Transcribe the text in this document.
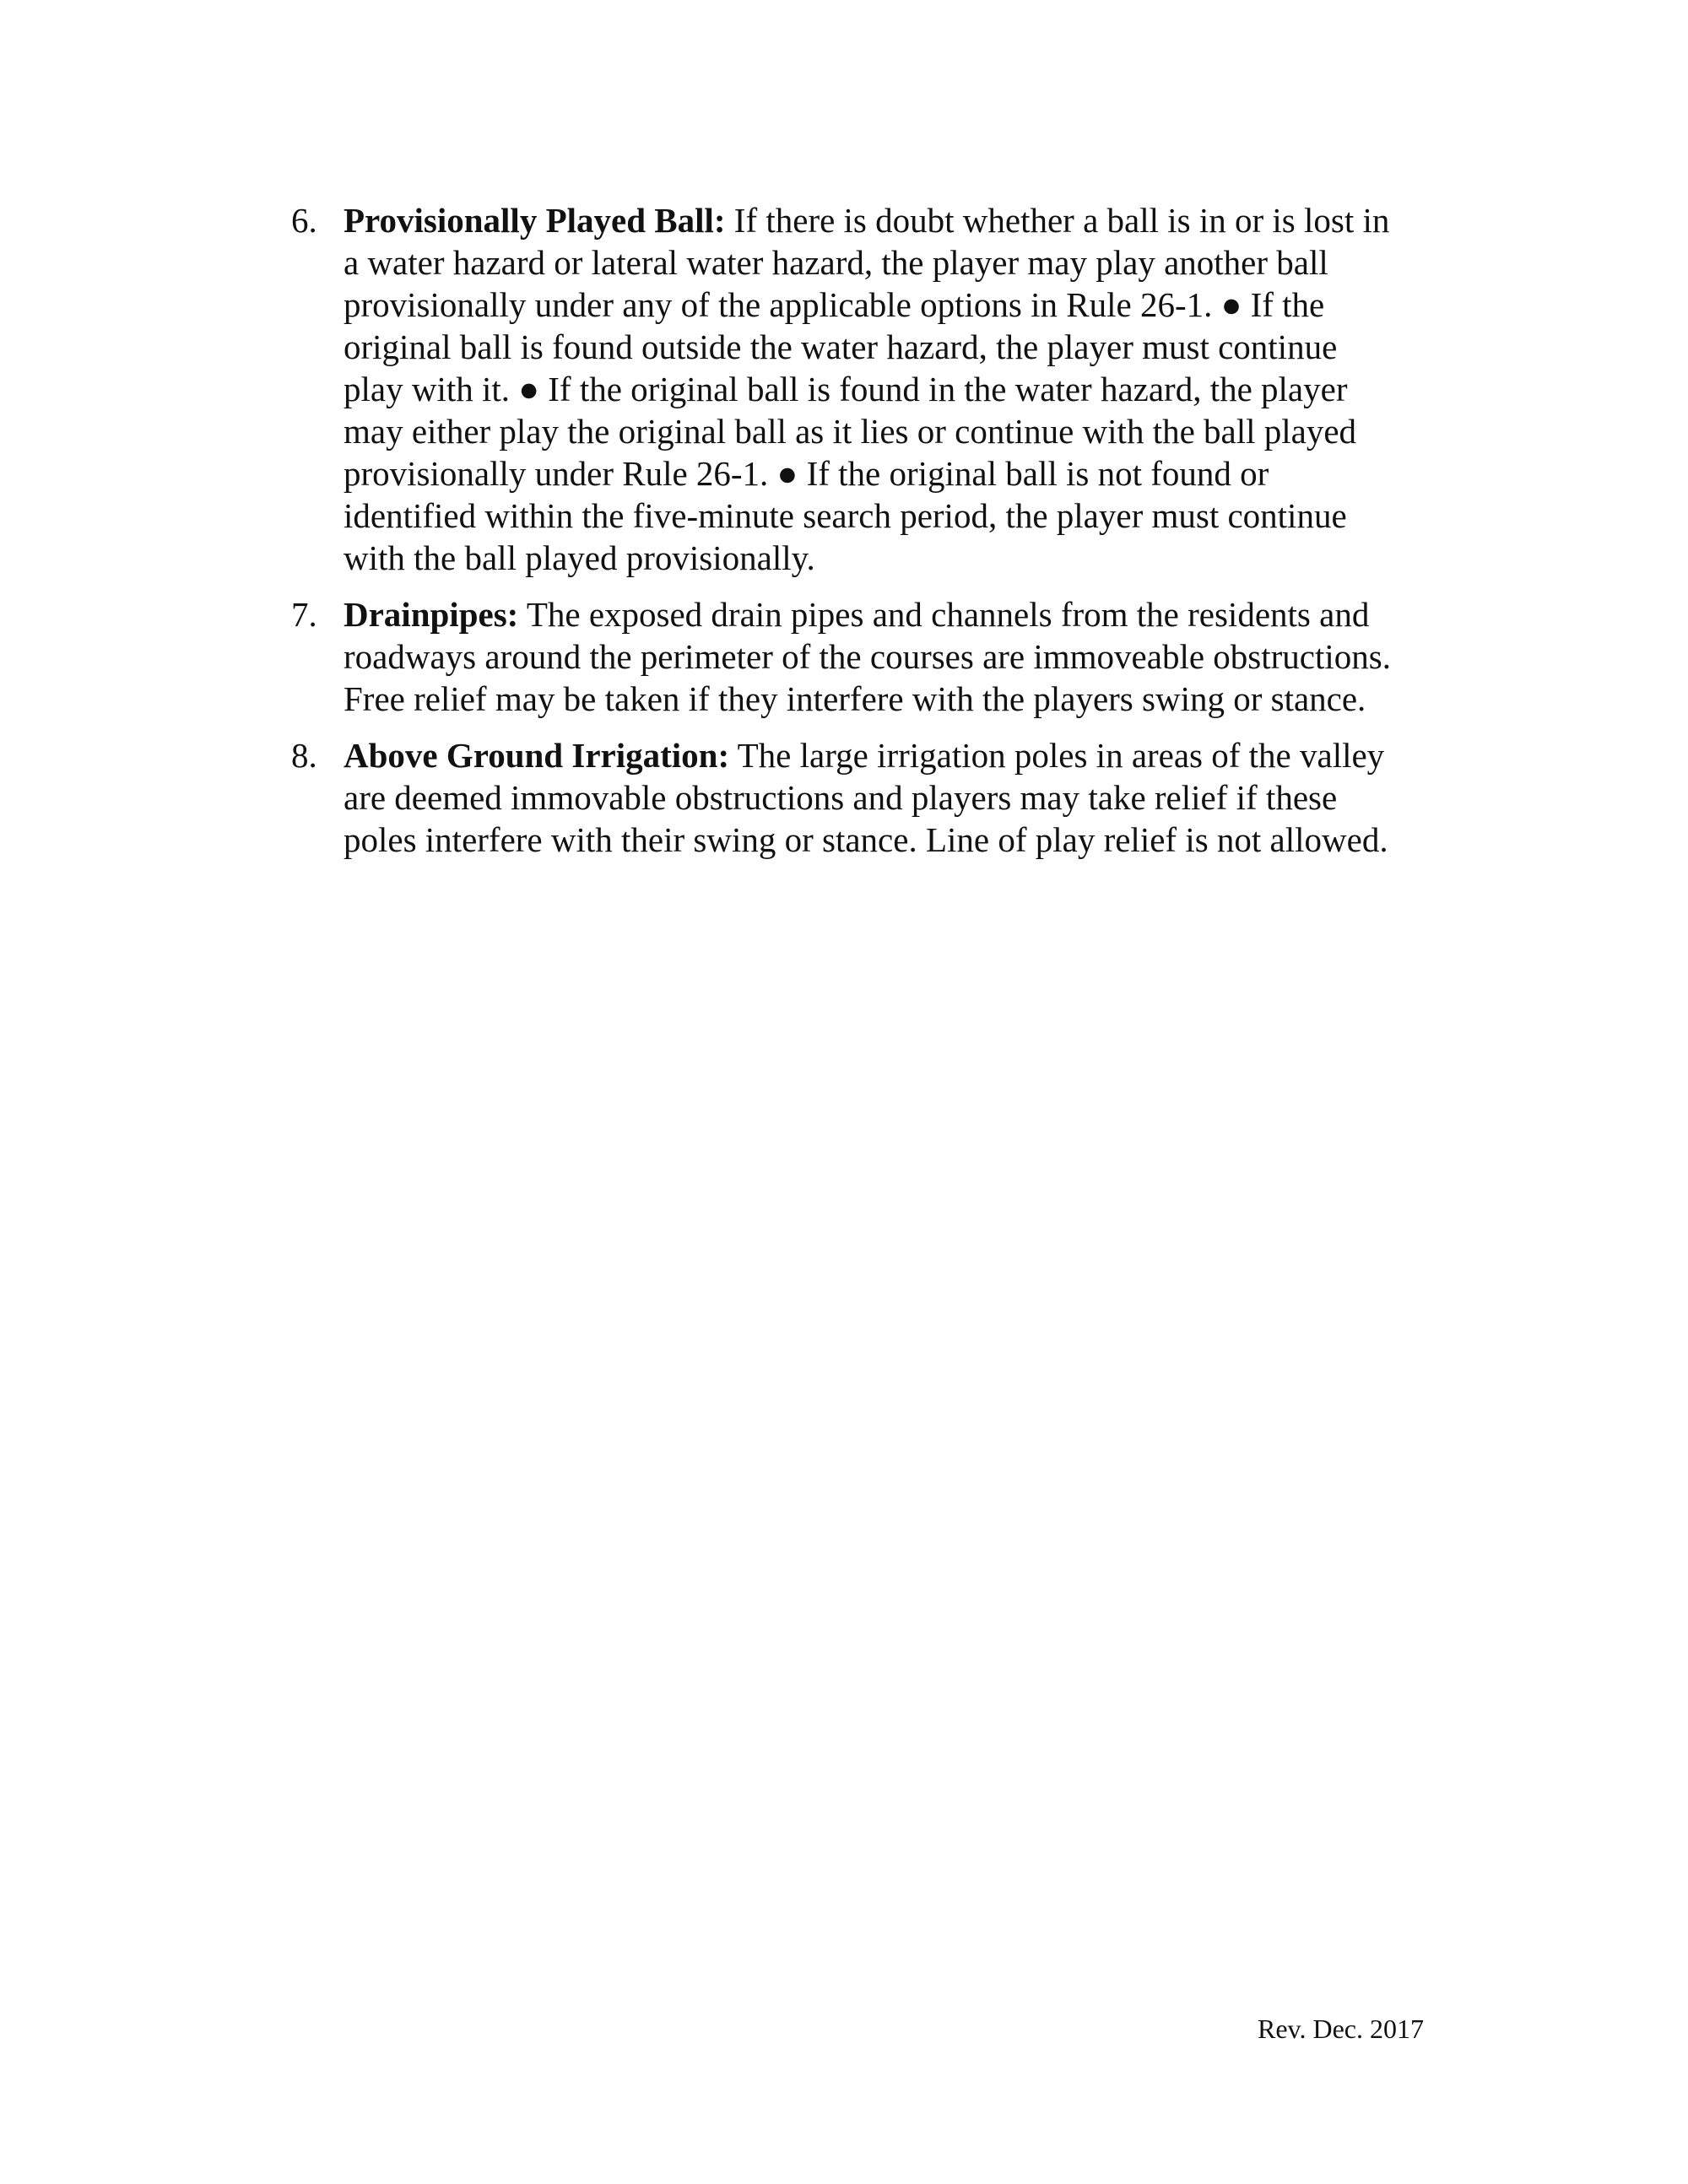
6. Provisionally Played Ball: If there is doubt whether a ball is in or is lost in
a water hazard or lateral water hazard, the player may play another ball
provisionally under any of the applicable options in Rule 26-1. ● If the
original ball is found outside the water hazard, the player must continue
play with it. ● If the original ball is found in the water hazard, the player
may either play the original ball as it lies or continue with the ball played
provisionally under Rule 26-1. ● If the original ball is not found or
identified within the five-minute search period, the player must continue
with the ball played provisionally.
7. Drainpipes: The exposed drain pipes and channels from the residents and
roadways around the perimeter of the courses are immoveable obstructions.
Free relief may be taken if they interfere with the players swing or stance.
8. Above Ground Irrigation: The large irrigation poles in areas of the valley
are deemed immovable obstructions and players may take relief if these
poles interfere with their swing or stance. Line of play relief is not allowed.
Rev. Dec. 2017
